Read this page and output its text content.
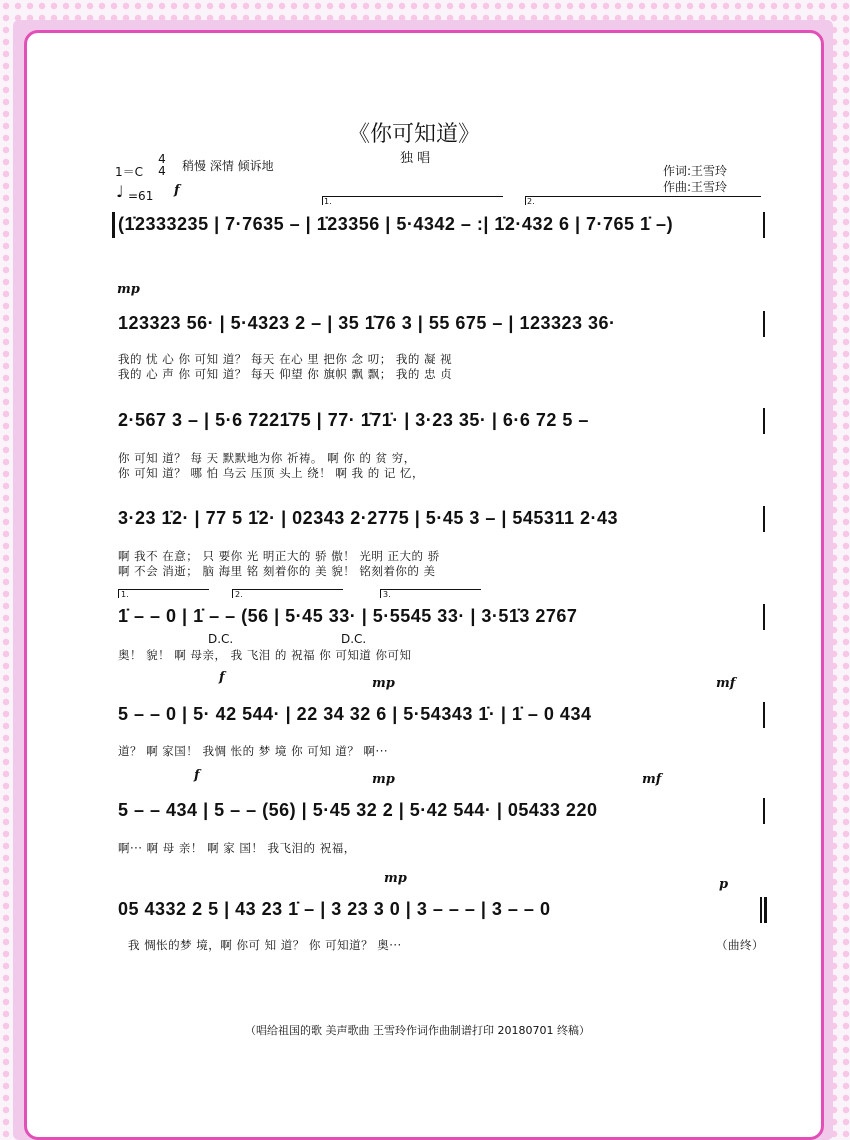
《你可知道》
独 唱
1＝C
4
4 稍慢 深情 倾诉地
♩ =61 f
作词:王雪玲
作曲:王雪玲
1.	2.
(1̇2333235 | 7·7635 – | 1̇23356 | 5·4342 – :| 1̇2·432 6 | 7·765 1̇ –)
mp
123323 56· | 5·4323 2 – | 35 1̇76 3 | 55 675 – | 123323 36·
我的 忧 心 你 可知 道？ 每天 在心 里 把你 念 叨； 我的 凝 视
我的 心 声 你 可知 道？ 每天 仰望 你 旗帜 飘 飘； 我的 忠 贞
2·567 3 – | 5·6 7221̇75 | 77· 1̇71̇· | 3·23 35· | 6·6 72 5 –
你 可知 道？ 每 天 默默地为你 祈祷。 啊 你 的 贫 穷，
你 可知 道？ 哪 怕 乌云 压顶 头上 绕！ 啊 我 的 记 忆，
3·23 1̇2· | 77 5 1̇2· | 02343 2·2775 | 5·45 3 – | 545311 2·43
啊 我不 在意； 只 要你 光 明正大的 骄 傲！ 光明 正大的 骄
啊 不会 消逝； 脑 海里 铭 刻着你的 美 貌！ 铭刻着你的 美
1.	2.	3.
1̇ – – 0 | 1̇ – – (56 | 5·45 33· | 5·5545 33· | 3·51̇3 2767
D.C.	D.C.
奥！ 貌！ 啊 母亲， 我 飞泪 的 祝福 你 可知道 你可知
f	mp	mf
5 – – 0 | 5· 42 544· | 22 34 32 6 | 5·54343 1̇· | 1̇ – 0 434
道？ 啊 家国！ 我惆 怅的 梦 境 你 可知 道？ 啊···
f	mp	mf
5 – – 434 | 5 – – (56) | 5·45 32 2 | 5·42 544· | 05433 220
啊··· 啊 母 亲！ 啊 家 国！ 我飞泪的 祝福，
mp	p
05 4332 2 5 | 43 23 1̇ – | 3 23 3 0 | 3 – – – | 3 – – 0
我 惆怅的梦 境，啊 你可 知 道？ 你 可知道？ 奥···	（曲终）
（唱给祖国的歌 美声歌曲 王雪玲作词作曲制谱打印 20180701 终稿）
